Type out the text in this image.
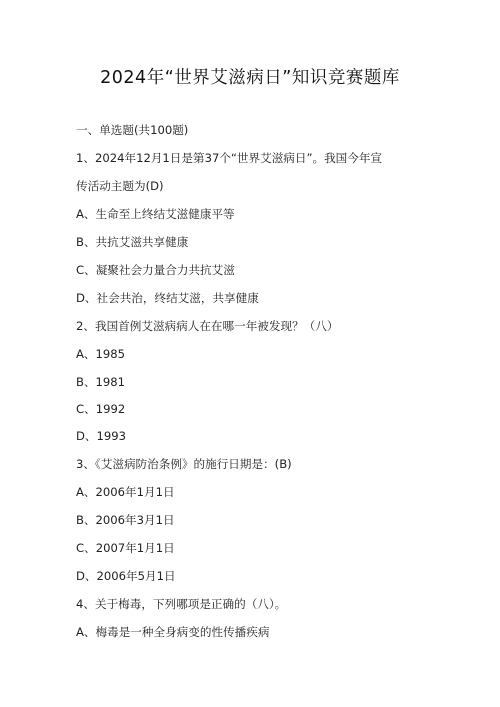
2024年“世界艾滋病日”知识竞赛题库
一、单选题(共100题)
1、2024年12月1日是第37个“世界艾滋病日”。我国今年宣
传活动主题为(D)
A、生命至上终结艾滋健康平等
B、共抗艾滋共享健康
C、凝聚社会力量合力共抗艾滋
D、社会共治，终结艾滋，共享健康
2、我国首例艾滋病病人在在哪一年被发现？（八）
A、1985
B、1981
C、1992
D、1993
3、《艾滋病防治条例》的施行日期是：(B)
A、2006年1月1日
B、2006年3月1日
C、2007年1月1日
D、2006年5月1日
4、关于梅毒，下列哪项是正确的（八）。
A、梅毒是一种全身病变的性传播疾病
